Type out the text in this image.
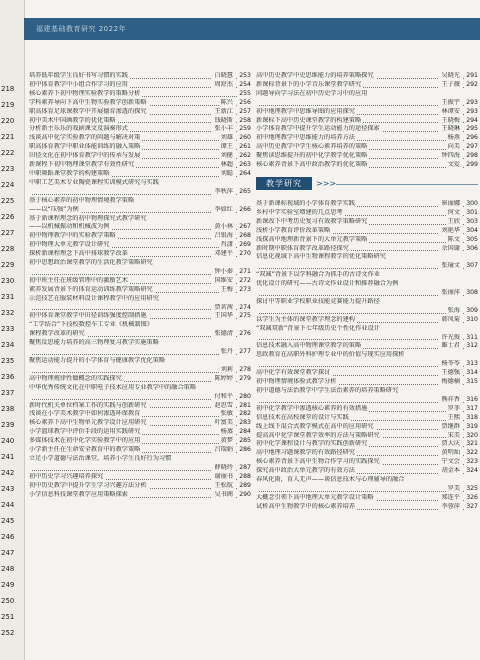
218
219
220
221
222
223
224
225
226
227
228
229
230
231
232
233
234
235
236
237
238
239
240
241
242
243
244
245
246
247
248
249
250
251
252
福建基础教育研究 2022年
培养低年级学生良好书写习惯的实践	白晓慧 253
初中体育教学中小组合作学习的应用	周舒杰 254
核心素养下初中物理实验教学的策略分析	255
学科素养导向下高中生物实验教学创新策略	陈兴 256
职高体育足球课教学中开展德育渗透的探究	王新江 257
初中美术中国画教学的优化策略	钱晓斯 258
分析新主乐乐的戏剧课文及演奏形式	张小丰 259
浅谈高中化学实验教学的问题与解决对策	刘雄 260
职高体育教学中职业体能训练的融入策略	谭王 261
田径文化在初中体育教学中的传承与发展	刘健 262
新课程下初中物理课堂教学有效性研究	林超 263
中职舞蹈课堂教学的构建策略	刘聪 264
中职工艺美术专业陶瓷课程实训模式研究与实践
李秋萍 265
基于核心素养的初中物理情境教学策略
——以“压强”为例	李如红 266
基于新课程理念的初中物理探究式教学研究
——以机械振动和机械波为例	黄小林 267
初中物理教学中的实验教学策略	吕银海 268
初中物理大单元教学设计研究	肖潇 269
探析新课程理念下高中排球教学改革	邓建平 270
初中思想政治课堂教学的生活化教学策略研究
钟小秦 271
初中班主任在班级管理中的激励艺术	国维安 272
素养发展背景下的体育运动训练教学策略研究	王梅 273
示范技艺在服装材料设计课程教学中的应用研究
贾茗茜 274
初中体育课堂教学中田径训练强度控制措施	王国华 275
“工学结合”下技校数控车工专业《机械制图》
课程教学改革的研究	张德清 276
聚焦反思能力培养的高三物理复习教学实施策略
张丹 277
聚焦运动能力提升的小学体育与健康教学优化策略
刘莉 278
高中物理规律性做概念的实践探究	陈婷婷 279
中华优秀传统文化在中职电子技术应用专业教学中的融合策略
付和平 280
新时代机关单位档案工作的实践与创新研究	赵思雪 281
浅谈在小学美术教学中如何渗透环保教育	张敏 282
核心素养下高中生物单元教学设计应用研究	叶富美 283
小学篮球教学中评价手段的运用实践研究	杨蒸 284
多媒体技术在初中化学实验教学中的应用	黄梦 285
小学新主任在生命安全教育中的教学策略	吕瑞娟 286
立足小学道德与法治课堂，培养小学生良好行为习惯
薛晓玲 287
初中历史学习兴趣培养探究	谢丽书 288
初中历史教学中提升学生学习兴趣方法分析	王松航 289
小学信息科技课堂教学应用策略探索	吴书阁 290
高中历史教学中史思维能力的培养策略探究	吴晓光 291
新课标背景下的小学音乐课堂教学研究	王子薇 292
问题导向学习法在初中历史学习中的应用
王振宇 293
初中地理教学中思维导图的应用探究	林谭安 293
新课标下高中历史课堂教学的构建策略	王晓梅 294
小学体育教学中提升学生运动能力的途径探索	王晓琳 295
初中地理教学中思维能力的培养方法	杨燕 296
高中历史教学中学生核心素养培养的策略	向美 297
聚焦读思维提升的初中化学教学优化策略	钟四海 298
核心素养背景下高中政治教学的优化策略	文爱 299
教学研究	>>>
基于新课标视域的小学体育教学实践	崔丽娜 300
乡村中学实验室增建的几点思考	何文 301
新课改下中考历史复习有效教学策略研究	王欣 303
浅析小学教育评价改革策略	刘艳华 304
浅探高中地理新背景下的大单元教学策略	陈文 305
新时期中职体育教学改革路径探究	余国谢 306
信息化视域下高中生物课程教学的优化策略研究
张瑜文 307
“双减”背景下以学科融合为抓手的古诗文作业
优化设计的研究——古诗文作业设计和推荐融合为例
张丽萍 308
探讨中等职业学校职业技能竞赛能力提升路径
张海 309
以学生为主体的课堂教学理念的建构	韩凤菊 310
“双减双新”背景下七年级历史个性化作业设计
许光俊 311
信息技术融入高中物理课堂教学的策略	雎士君 312
思政教育在高职外科护理专业中的价值与现实应用探析
杨苓苓 313
高中化学有效课堂教学探讨	王德强 314
初中物理情境体验式教学分析	梅德楠 315
初中道德与法治教学中学生法治素养的培养策略研究
熊祥香 316
初中化学教学中渗透核心素养的有效措施	罗菲 317
信息技术在高校课堂的设计与实践	王熙 318
线上线下混合式教学模式在高中的应用研究	贾继群 319
提高高中化学课堂教学效率的方法与策略研究	宋美 320
初中化学课程设计与教学的实践创新研究	贾大庆 321
高中地理习题课教学的有效路径研究	黄明灿 322
核心素养背景下高中生物合作学习的实践探究	宁文会 323
探究高中政治大单元教学的有效方法	胡金本 324
春风化雨，育人无声——谈信息技术与心理辅导的融合
罗美 325
大概念引领下高中地理大单元教学设计策略	郑连平 326
试析高中生物教学中的核心素养培养	李蓉萍 327
